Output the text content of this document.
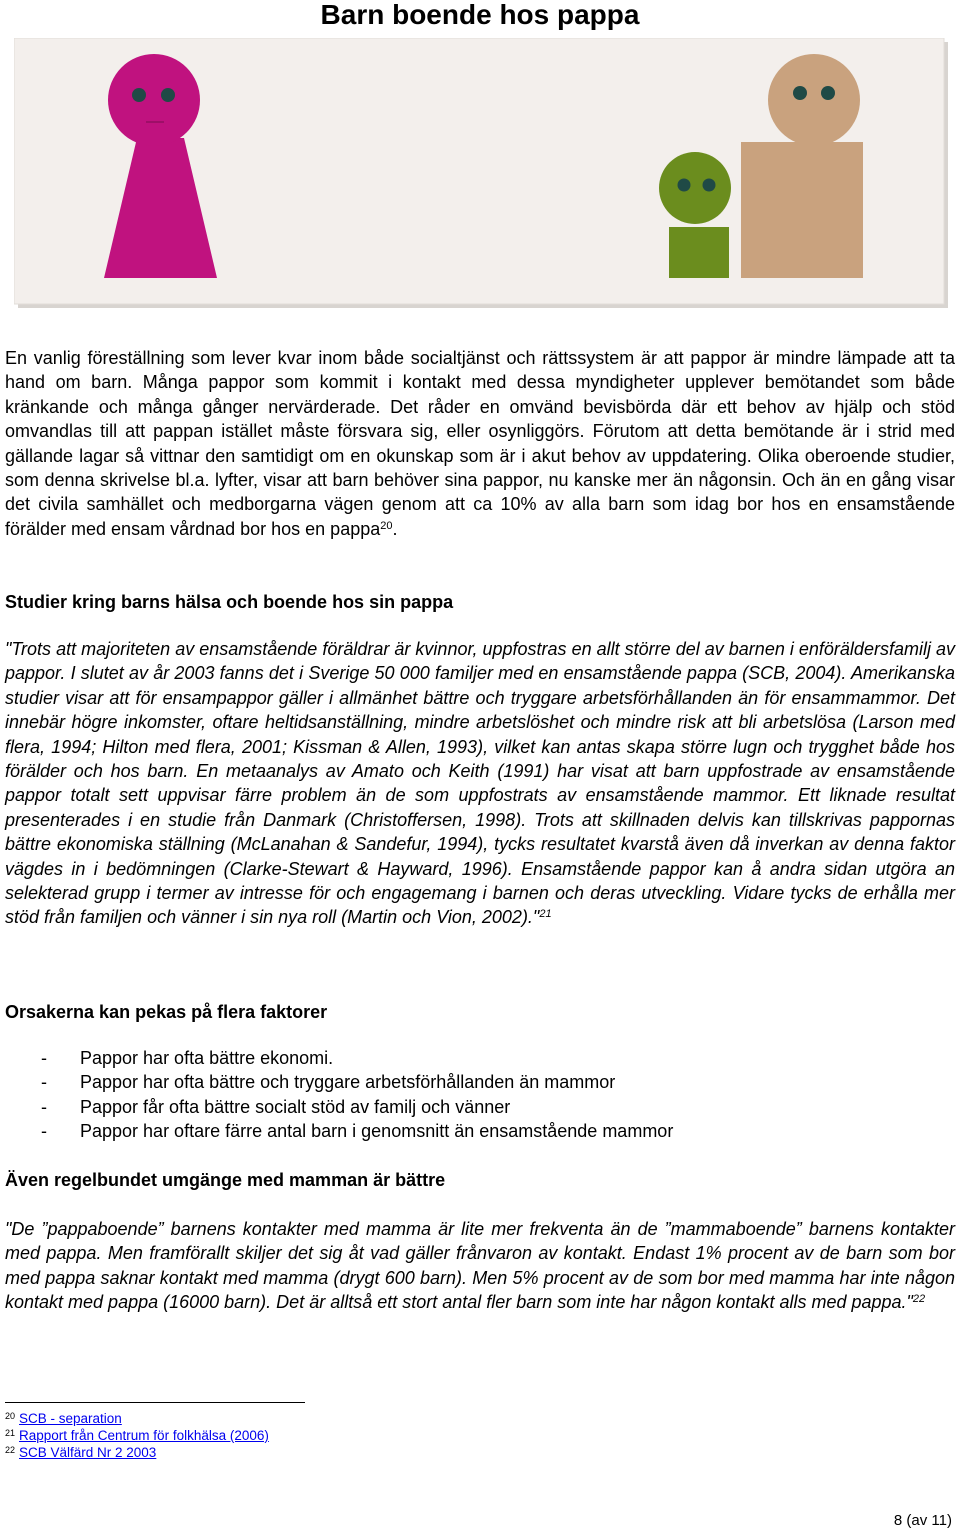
Barn boende hos pappa

En vanlig föreställning som lever kvar inom både socialtjänst och rättssystem är att pappor är mindre lämpade att ta hand om barn. Många pappor som kommit i kontakt med dessa myndigheter upplever bemötandet som både kränkande och många gånger nervärderade. Det råder en omvänd bevisbörda där ett behov av hjälp och stöd omvandlas till att pappan istället måste försvara sig, eller osynliggörs. Förutom att detta bemötande är i strid med gällande lagar så vittnar den samtidigt om en okunskap som är i akut behov av uppdatering. Olika oberoende studier, som denna skrivelse bl.a. lyfter, visar att barn behöver sina pappor, nu kanske mer än någonsin. Och än en gång visar det civila samhället och medborgarna vägen genom att ca 10% av alla barn som idag bor hos en ensamstående förälder med ensam vårdnad bor hos en pappa$^{20}$.

Studier kring barns hälsa och boende hos sin pappa

"Trots att majoriteten av ensamstående föräldrar är kvinnor, uppfostras en allt större del av barnen i enföräldersfamilj av pappor. I slutet av år 2003 fanns det i Sverige 50 000 familjer med en ensamstående pappa (SCB, 2004). Amerikanska studier visar att för ensampappor gäller i allmänhet bättre och tryggare arbetsförhållanden än för ensammammor. Det innebär högre inkomster, oftare heltidsanställning, mindre arbetslöshet och mindre risk att bli arbetslösa (Larson med flera, 1994; Hilton med flera, 2001; Kissman & Allen, 1993), vilket kan antas skapa större lugn och trygghet både hos förälder och hos barn. En metaanalys av Amato och Keith (1991) har visat att barn uppfostrade av ensamstående pappor totalt sett uppvisar färre problem än de som uppfostrats av ensamstående mammor. Ett liknade resultat presenterades i en studie från Danmark (Christoffersen, 1998). Trots att skillnaden delvis kan tillskrivas pappornas bättre ekonomiska ställning (McLanahan & Sandefur, 1994), tycks resultatet kvarstå även då inverkan av denna faktor vägdes in i bedömningen (Clarke-Stewart & Hayward, 1996). Ensamstående pappor kan å andra sidan utgöra an selekterad grupp i termer av intresse för och engagemang i barnen och deras utveckling. Vidare tycks de erhålla mer stöd från familjen och vänner i sin nya roll (Martin och Vion, 2002)."$^{21}$

Orsakerna kan pekas på flera faktorer
- Pappor har ofta bättre ekonomi.
- Pappor har ofta bättre och tryggare arbetsförhållanden än mammor
- Pappor får ofta bättre socialt stöd av familj och vänner
- Pappor har oftare färre antal barn i genomsnitt än ensamstående mammor
Även regelbundet umgänge med mamman är bättre

"De ”pappaboende” barnens kontakter med mamma är lite mer frekventa än de ”mammaboende” barnens kontakter med pappa. Men framförallt skiljer det sig åt vad gäller frånvaron av kontakt. Endast 1% procent av de barn som bor med pappa saknar kontakt med mamma (drygt 600 barn). Men 5% procent av de som bor med mamma har inte någon kontakt med pappa (16000 barn). Det är alltså ett stort antal fler barn som inte har någon kontakt alls med pappa."$^{22}$

20 SCB - separation
21 Rapport från Centrum för folkhälsa (2006)
22 SCB Välfärd Nr 2 2003
8 (av 11)
